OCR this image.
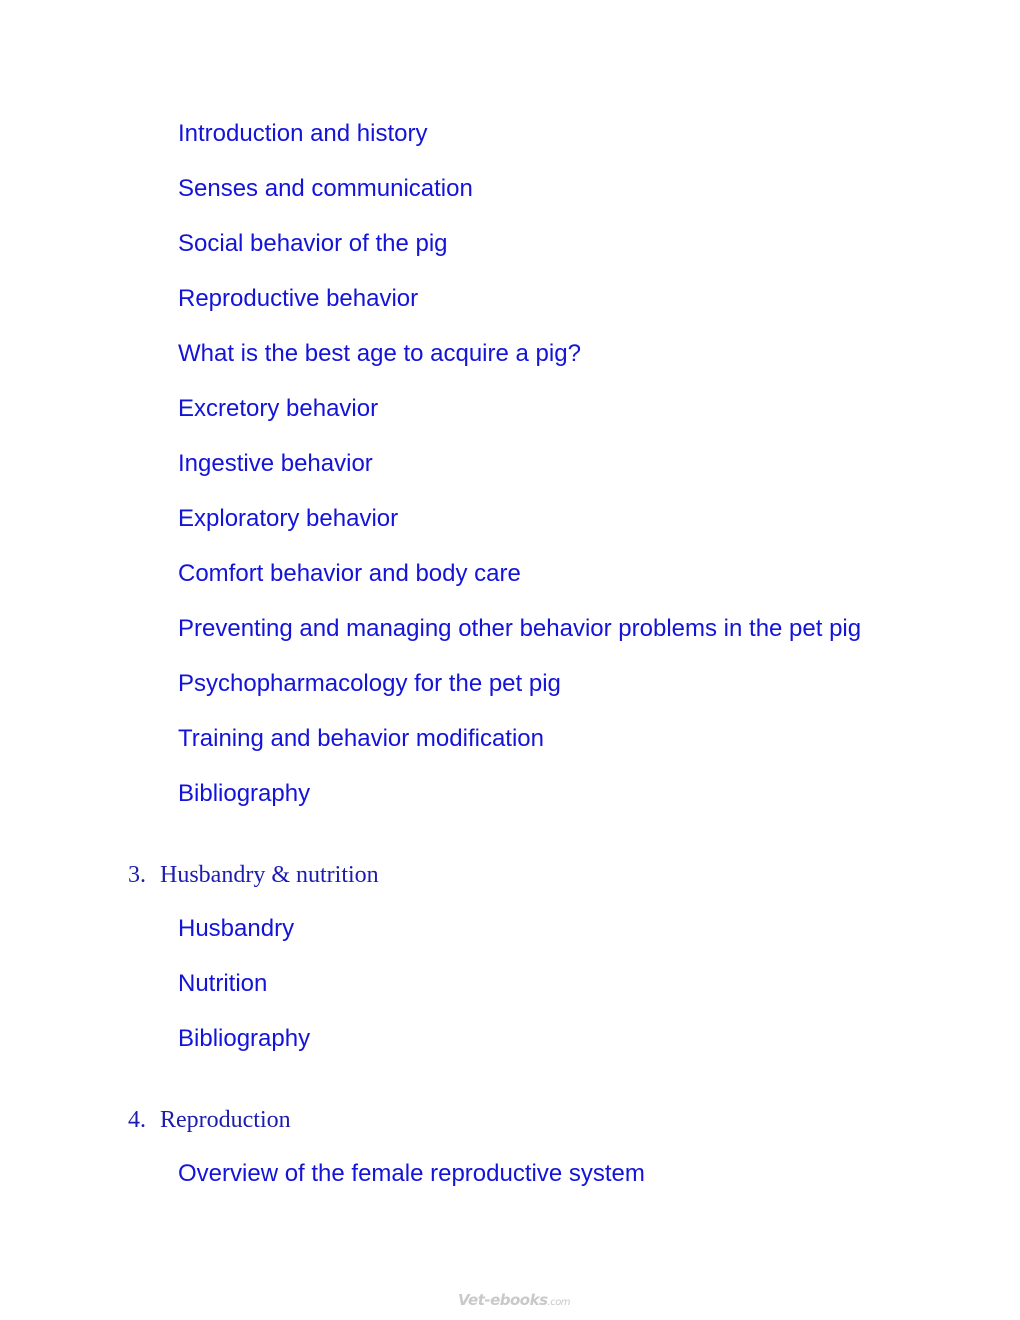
Introduction and history
Senses and communication
Social behavior of the pig
Reproductive behavior
What is the best age to acquire a pig?
Excretory behavior
Ingestive behavior
Exploratory behavior
Comfort behavior and body care
Preventing and managing other behavior problems in the pet pig
Psychopharmacology for the pet pig
Training and behavior modification
Bibliography
3. Husbandry & nutrition
Husbandry
Nutrition
Bibliography
4. Reproduction
Overview of the female reproductive system
Vet-ebooks.com
